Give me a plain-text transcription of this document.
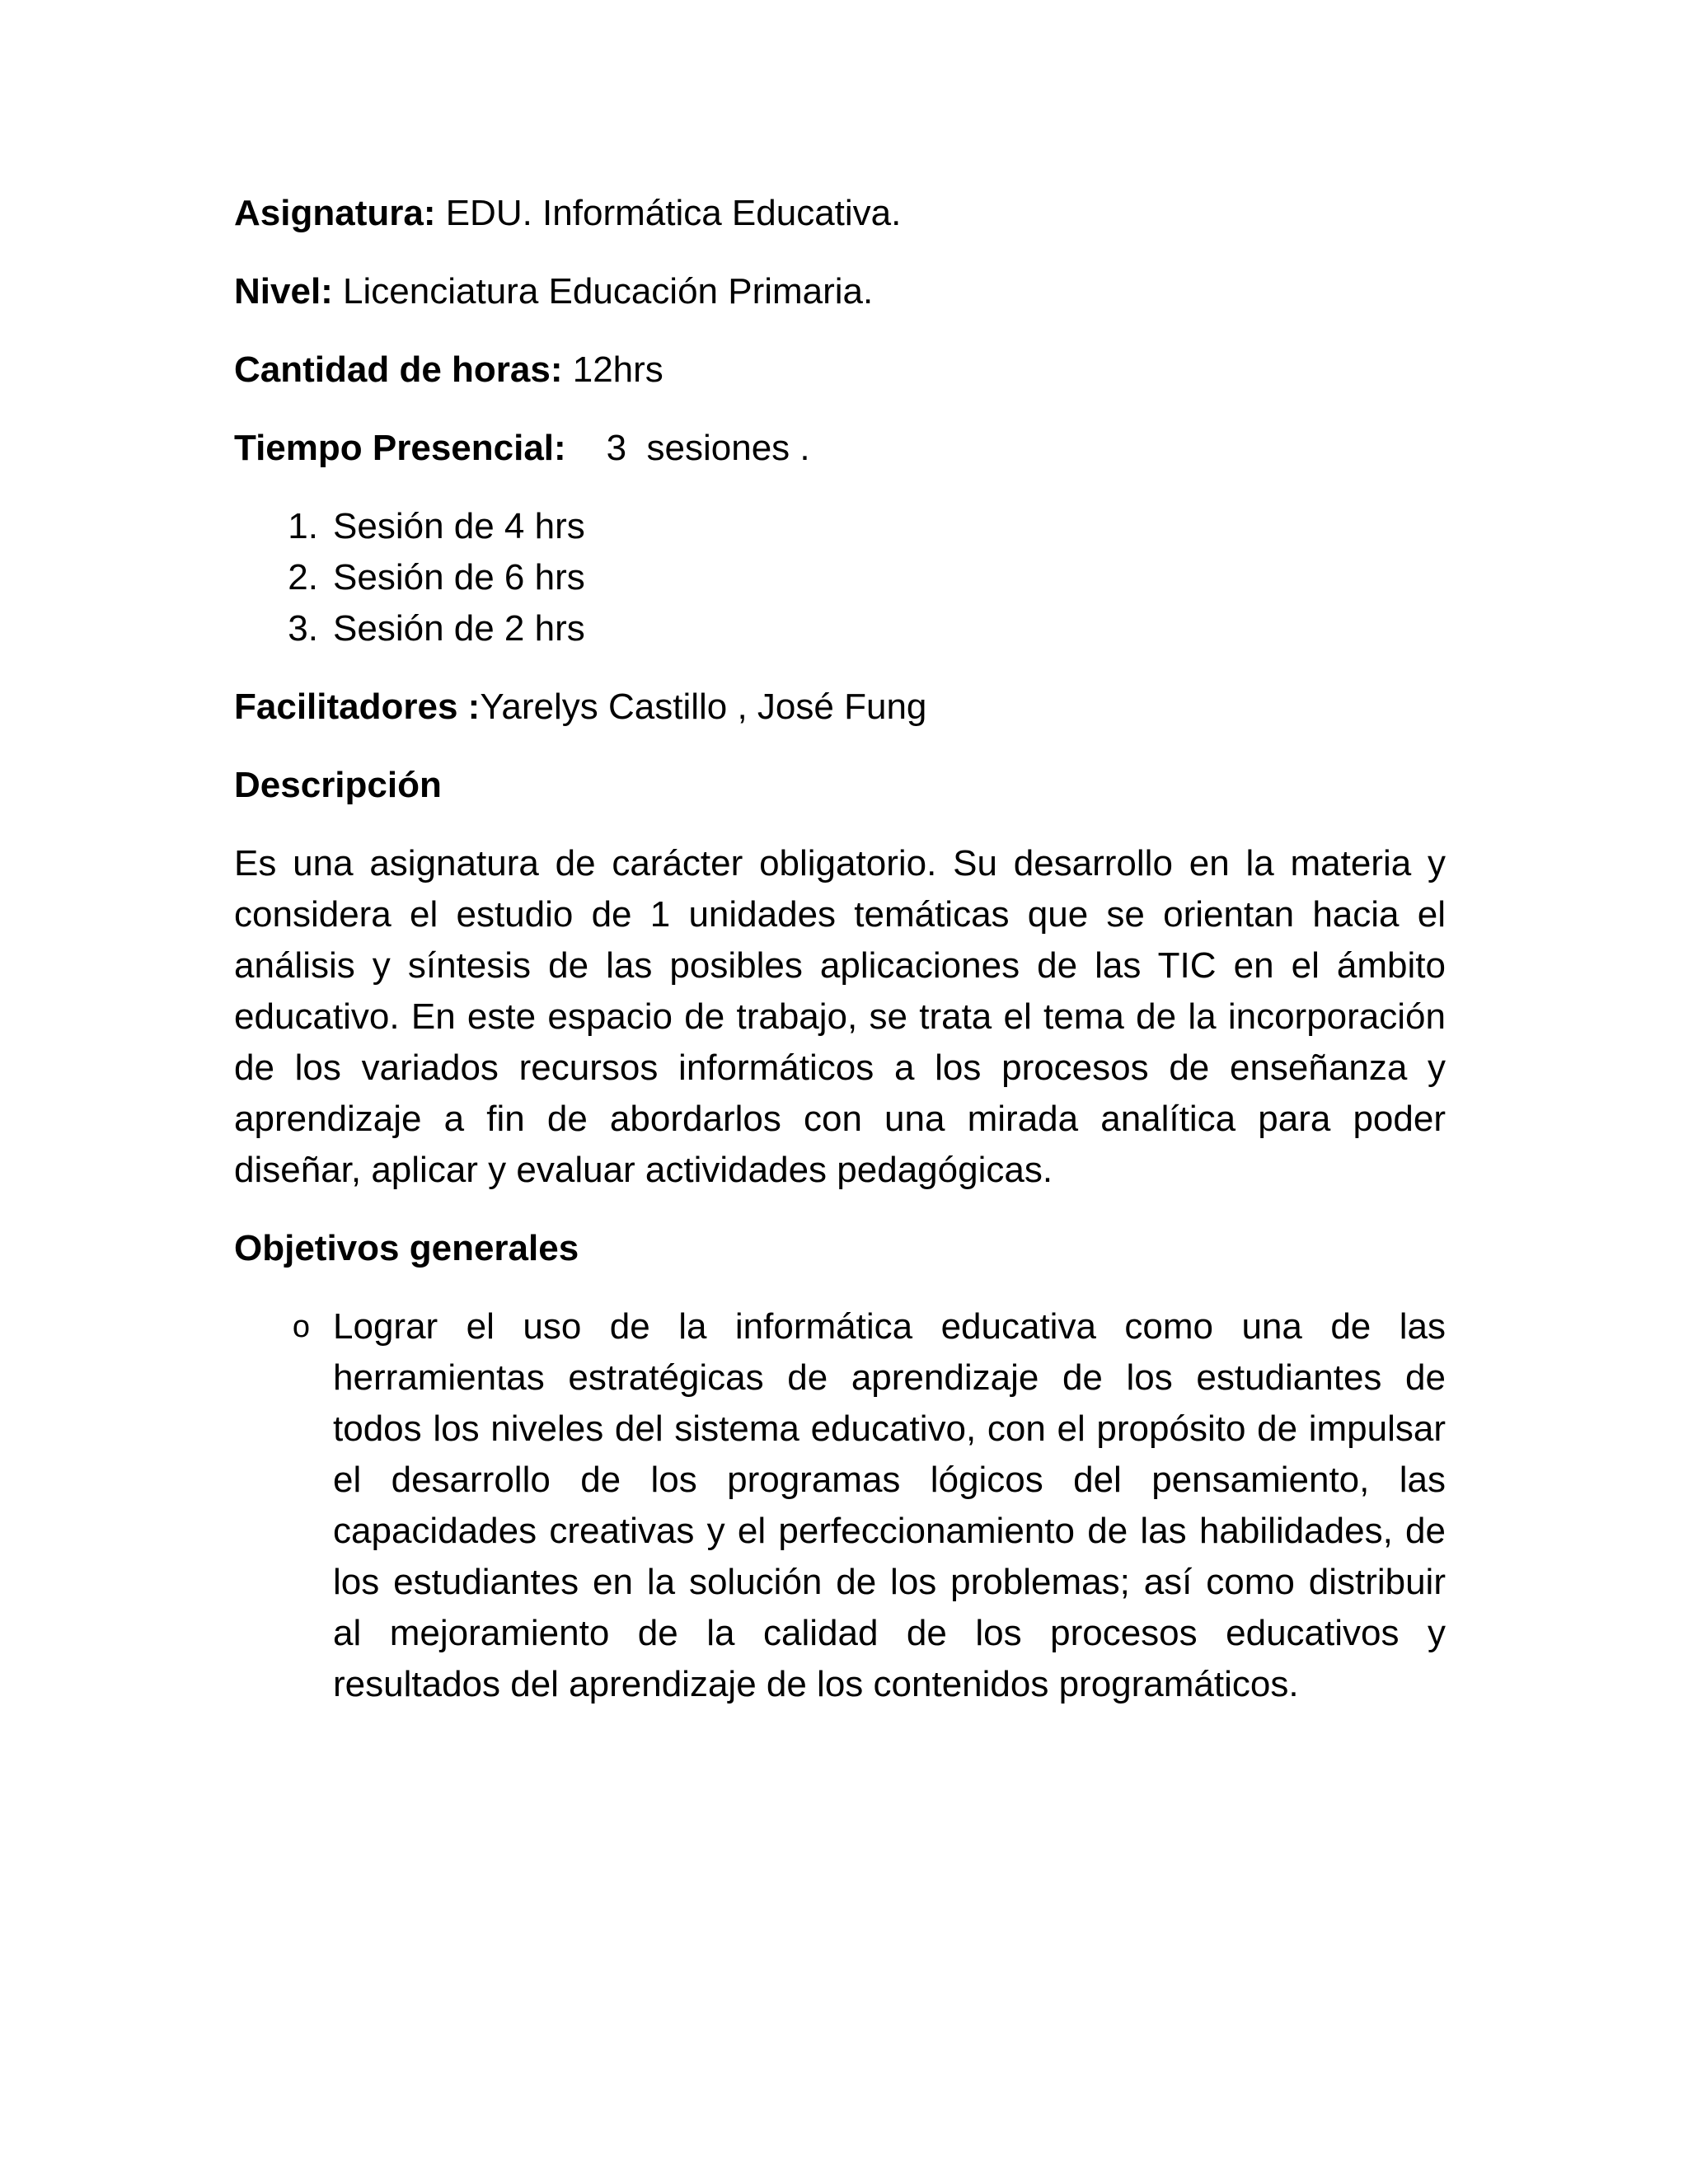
Asignatura: EDU. Informática Educativa.

Nivel: Licenciatura Educación Primaria.

Cantidad de horas: 12hrs

Tiempo Presencial:    3  sesiones .

1. Sesión de 4 hrs
2. Sesión de 6 hrs
3. Sesión de 2 hrs

Facilitadores :Yarelys Castillo , José Fung

Descripción

Es una asignatura de carácter obligatorio. Su desarrollo en la materia y considera el estudio de 1 unidades temáticas que se orientan hacia el análisis y síntesis de las posibles aplicaciones de las TIC en el ámbito educativo. En este espacio de trabajo, se trata el tema de la incorporación de los variados recursos informáticos a los procesos de enseñanza y aprendizaje a fin de abordarlos con una mirada analítica para poder diseñar, aplicar y evaluar actividades pedagógicas.

Objetivos generales
o Lograr el uso de la informática educativa como una de las herramientas estratégicas de aprendizaje de los estudiantes de todos los niveles del sistema educativo, con el propósito de impulsar el desarrollo de los programas lógicos del pensamiento, las capacidades creativas y el perfeccionamiento de las habilidades, de los estudiantes en la solución de los problemas; así como distribuir al mejoramiento de la calidad de los procesos educativos y resultados del aprendizaje de los contenidos programáticos.
